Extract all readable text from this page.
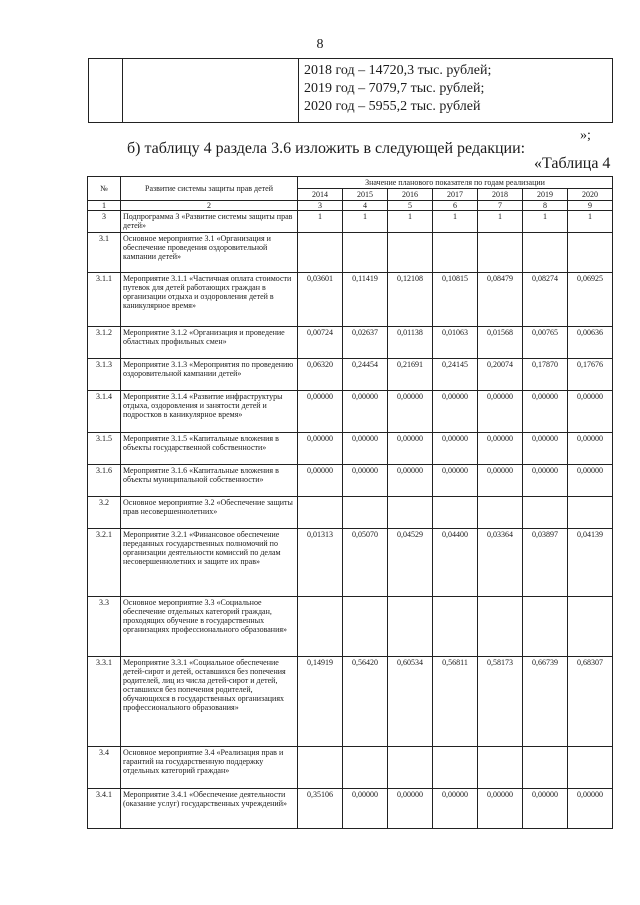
8

2018 год – 14720,3 тыс. рублей;
2019 год – 7079,7 тыс. рублей;
2020 год – 5955,2 тыс. рублей
»;
б) таблицу 4 раздела 3.6 изложить в следующей редакции:
«Таблица 4
№	Развитие системы защиты прав детей	Значение планового показателя по годам реализации						
		2014	2015	2016	2017	2018	2019	2020
1	2	3	4	5	6	7	8	9
3	Подпрограмма 3 «Развитие системы защиты прав детей»	1	1	1	1	1	1	1
3.1	Основное мероприятие 3.1 «Организация и обеспечение проведения оздоровительной кампании детей»							
3.1.1	Мероприятие 3.1.1 «Частичная оплата стоимости путевок для детей работающих граждан в организации отдыха и оздоровления детей в каникулярное время»	0,03601	0,11419	0,12108	0,10815	0,08479	0,08274	0,06925
3.1.2	Мероприятие 3.1.2 «Организация и проведение областных профильных смен»	0,00724	0,02637	0,01138	0,01063	0,01568	0,00765	0,00636
3.1.3	Мероприятие 3.1.3 «Мероприятия по проведению оздоровительной кампании детей»	0,06320	0,24454	0,21691	0,24145	0,20074	0,17870	0,17676
3.1.4	Мероприятие 3.1.4 «Развитие инфраструктуры отдыха, оздоровления и занятости детей и подростков в каникулярное время»	0,00000	0,00000	0,00000	0,00000	0,00000	0,00000	0,00000
3.1.5	Мероприятие 3.1.5 «Капитальные вложения в объекты государственной собственности»	0,00000	0,00000	0,00000	0,00000	0,00000	0,00000	0,00000
3.1.6	Мероприятие 3.1.6 «Капитальные вложения в объекты муниципальной собственности»	0,00000	0,00000	0,00000	0,00000	0,00000	0,00000	0,00000
3.2	Основное мероприятие 3.2 «Обеспечение защиты прав несовершеннолетних»							
3.2.1	Мероприятие 3.2.1 «Финансовое обеспечение переданных государственных полномочий по организации деятельности комиссий по делам несовершеннолетних и защите их прав»	0,01313	0,05070	0,04529	0,04400	0,03364	0,03897	0,04139
3.3	Основное мероприятие 3.3 «Социальное обеспечение отдельных категорий граждан, проходящих обучение в государственных организациях профессионального образования»							
3.3.1	Мероприятие 3.3.1 «Социальное обеспечение детей-сирот и детей, оставшихся без попечения родителей, лиц из числа детей-сирот и детей, оставшихся без попечения родителей, обучающихся в государственных организациях профессионального образования»	0,14919	0,56420	0,60534	0,56811	0,58173	0,66739	0,68307
3.4	Основное мероприятие 3.4 «Реализация прав и гарантий на государственную поддержку отдельных категорий граждан»							
3.4.1	Мероприятие 3.4.1 «Обеспечение деятельности (оказание услуг) государственных учреждений»	0,35106	0,00000	0,00000	0,00000	0,00000	0,00000	0,00000
